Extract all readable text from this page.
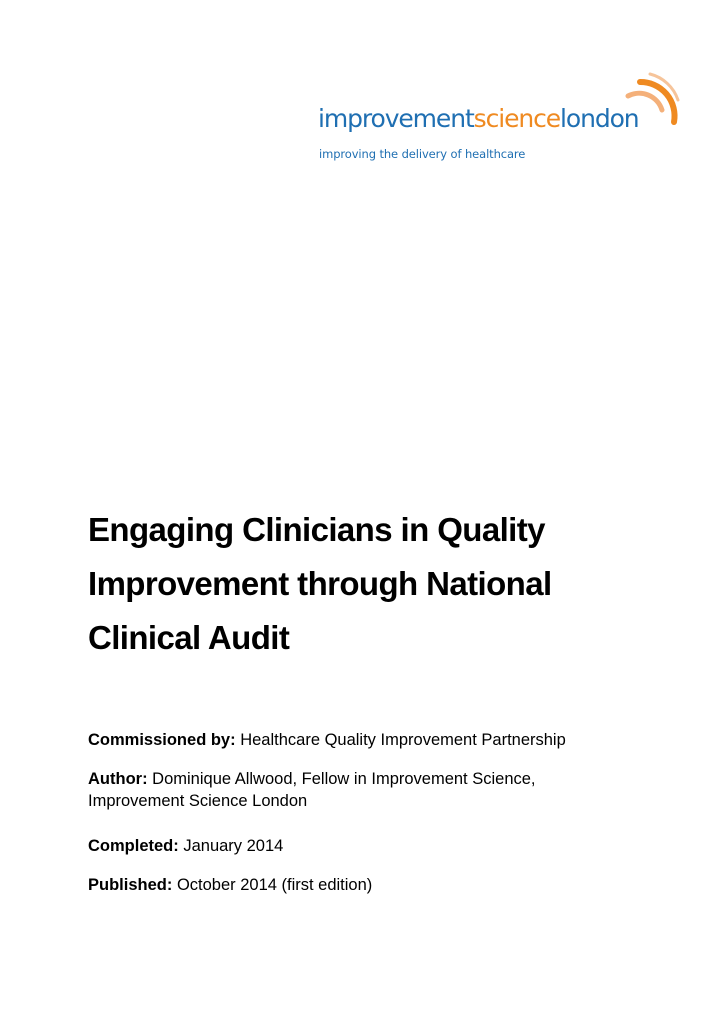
improvementsciencelondon
improving the delivery of healthcare
Engaging Clinicians in Quality
Improvement through National
Clinical Audit
Commissioned by: Healthcare Quality Improvement Partnership
Author: Dominique Allwood, Fellow in Improvement Science,
Improvement Science London
Completed: January 2014
Published: October 2014 (first edition)
